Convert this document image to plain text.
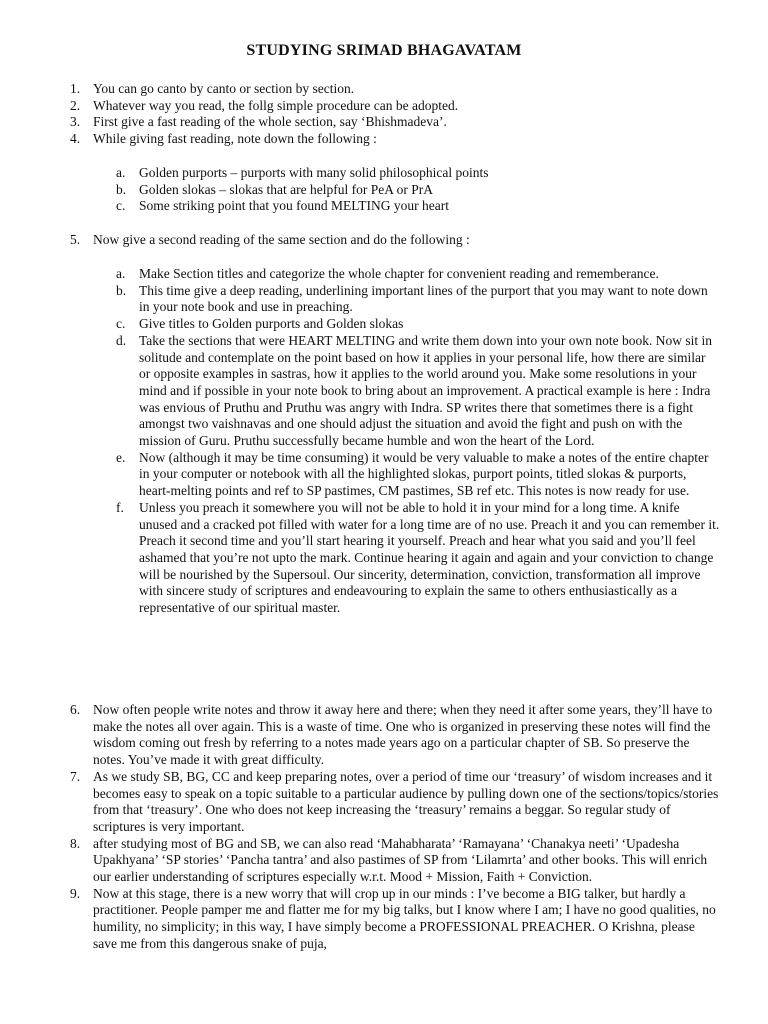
STUDYING SRIMAD BHAGAVATAM
1. You can go canto by canto or section by section.
2. Whatever way you read, the follg simple procedure can be adopted.
3. First give a fast reading of the whole section, say ‘Bhishmadeva’.
4. While giving fast reading, note down the following :
a. Golden purports – purports with many solid philosophical points
b. Golden slokas – slokas that are helpful for PeA or PrA
c. Some striking point that you found MELTING your heart
5. Now give a second reading of the same section and do the following :
a. Make Section titles and categorize the whole chapter for convenient reading and rememberance.
b. This time give a deep reading, underlining important lines of the purport that you may want to note down in your note book and use in preaching.
c. Give titles to Golden purports and Golden slokas
d. Take the sections that were HEART MELTING and write them down into your own note book. Now sit in solitude and contemplate on the point based on how it applies in your personal life, how there are similar or opposite examples in sastras, how it applies to the world around you. Make some resolutions in your mind and if possible in your note book to bring about an improvement. A practical example is here : Indra was envious of Pruthu and Pruthu was angry with Indra. SP writes there that sometimes there is a fight amongst two vaishnavas and one should adjust the situation and avoid the fight and push on with the mission of Guru. Pruthu successfully became humble and won the heart of the Lord.
e. Now (although it may be time consuming) it would be very valuable to make a notes of the entire chapter in your computer or notebook with all the highlighted slokas, purport points, titled slokas & purports, heart-melting points and ref to SP pastimes, CM pastimes, SB ref etc. This notes is now ready for use.
f. Unless you preach it somewhere you will not be able to hold it in your mind for a long time. A knife unused and a cracked pot filled with water for a long time are of no use. Preach it and you can remember it. Preach it second time and you’ll start hearing it yourself. Preach and hear what you said and you’ll feel ashamed that you’re not upto the mark. Continue hearing it again and again and your conviction to change will be nourished by the Supersoul. Our sincerity, determination, conviction, transformation all improve with sincere study of scriptures and endeavouring to explain the same to others enthusiastically as a representative of our spiritual master.
6. Now often people write notes and throw it away here and there; when they need it after some years, they’ll have to make the notes all over again. This is a waste of time. One who is organized in preserving these notes will find the wisdom coming out fresh by referring to a notes made years ago on a particular chapter of SB. So preserve the notes. You’ve made it with great difficulty.
7. As we study SB, BG, CC and keep preparing notes, over a period of time our ‘treasury’ of wisdom increases and it becomes easy to speak on a topic suitable to a particular audience by pulling down one of the sections/topics/stories from that ‘treasury’. One who does not keep increasing the ‘treasury’ remains a beggar. So regular study of scriptures is very important.
8. after studying most of BG and SB, we can also read ‘Mahabharata’ ‘Ramayana’ ‘Chanakya neeti’ ‘Upadesha Upakhyana’ ‘SP stories’ ‘Pancha tantra’ and also pastimes of SP from ‘Lilamrta’ and other books. This will enrich our earlier understanding of scriptures especially w.r.t. Mood + Mission, Faith + Conviction.
9. Now at this stage, there is a new worry that will crop up in our minds : I’ve become a BIG talker, but hardly a practitioner. People pamper me and flatter me for my big talks, but I know where I am; I have no good qualities, no humility, no simplicity; in this way, I have simply become a PROFESSIONAL PREACHER. O Krishna, please save me from this dangerous snake of puja,
